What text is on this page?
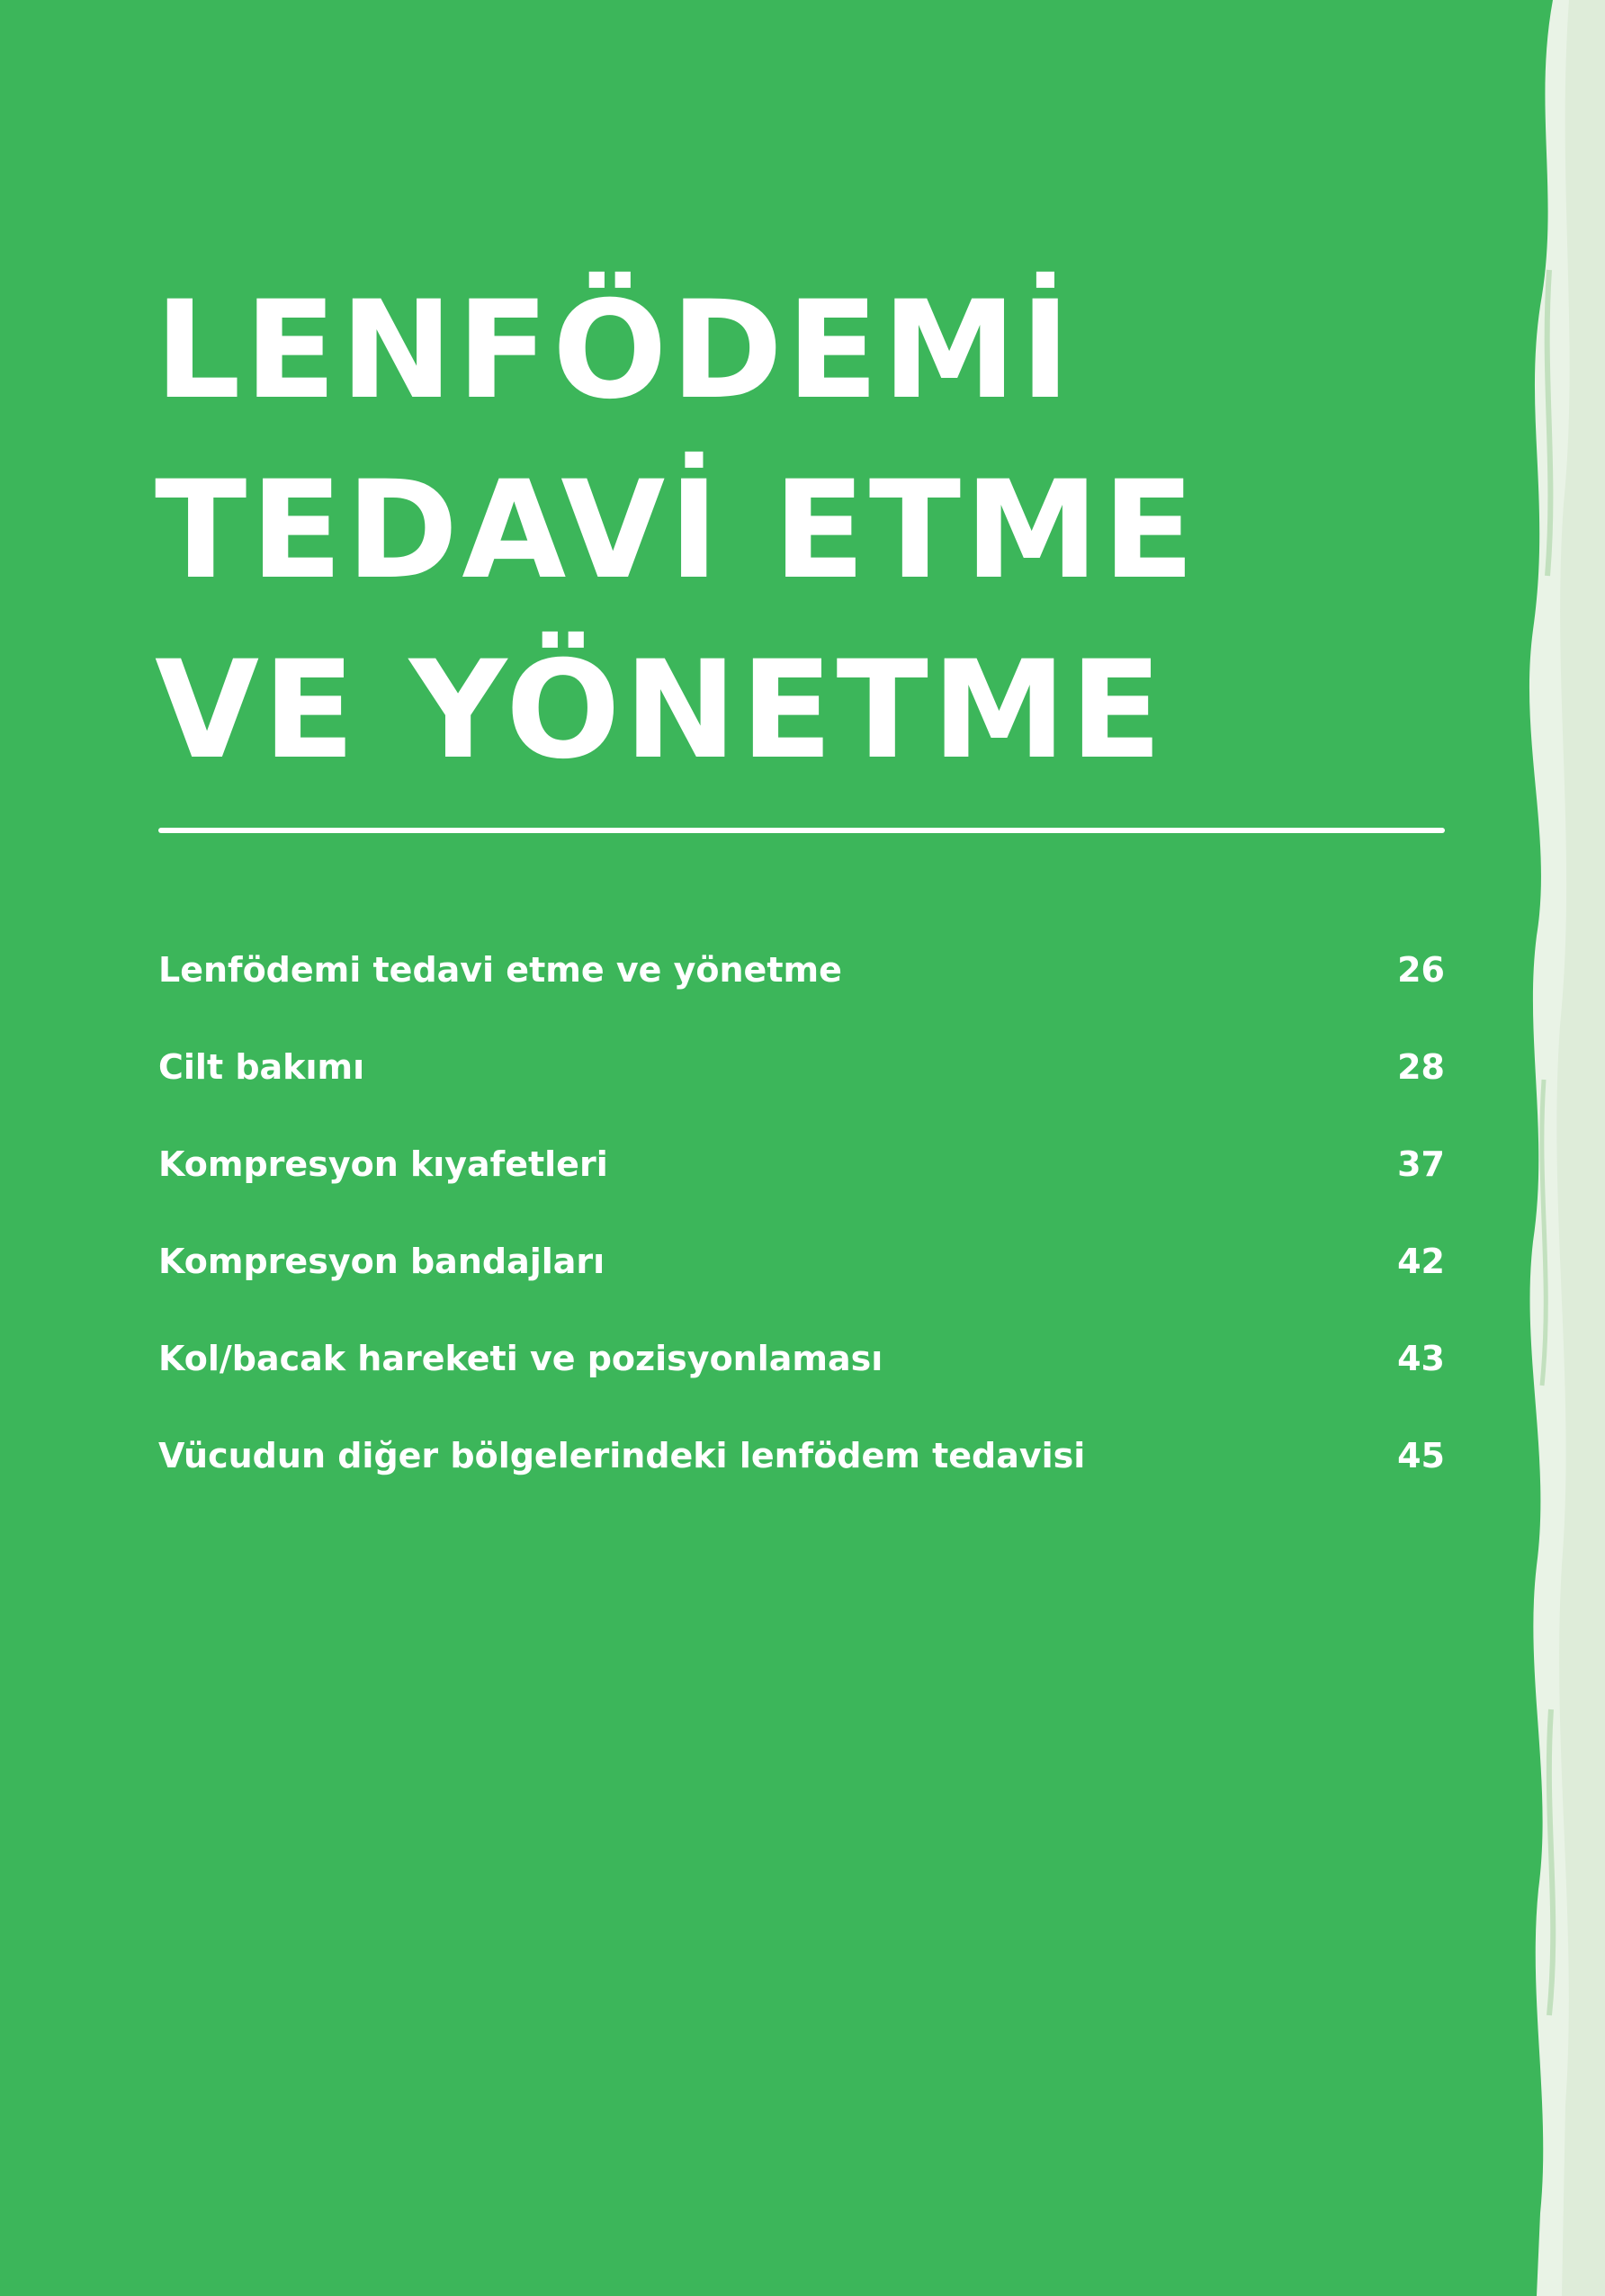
LENFÖDEMİ
TEDAVİ ETME
VE YÖNETME
Lenfödemi tedavi etme ve yönetme	26
Cilt bakımı	28
Kompresyon kıyafetleri	37
Kompresyon bandajları	42
Kol/bacak hareketi ve pozisyonlaması	43
Vücudun diğer bölgelerindeki lenfödem tedavisi	45
